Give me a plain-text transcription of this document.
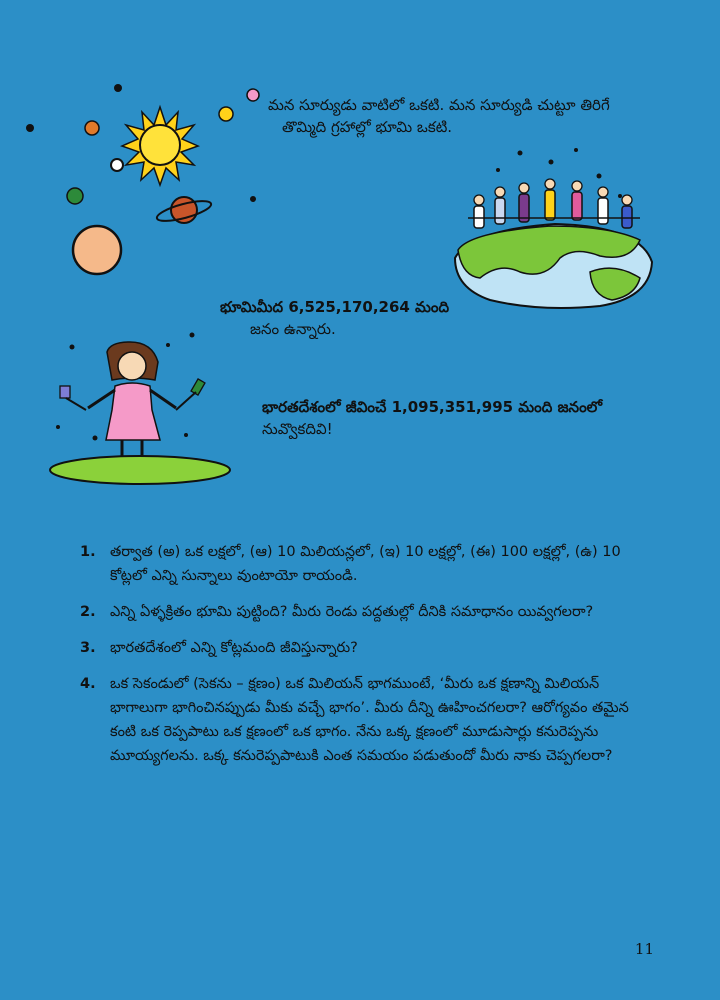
మన సూర్యుడు వాటిలో ఒకటి. మన సూర్యుడి చుట్టూ తిరిగే
తొమ్మిది గ్రహాల్లో భూమి ఒకటి.
భూమిమీద 6,525,170,264 మంది
జనం ఉన్నారు.
భారతదేశంలో జీవించే 1,095,351,995 మంది జనంలో
నువ్వొకదివి!
1. తర్వాత (అ) ఒక లక్షలో, (ఆ) 10 మిలియన్లలో, (ఇ) 10 లక్షల్లో, (ఈ) 100 లక్షల్లో, (ఉ) 10 కోట్లలో ఎన్ని సున్నాలు వుంటాయో రాయండి.
2. ఎన్ని ఏళ్ళక్రితం భూమి పుట్టింది? మీరు రెండు పద్దతుల్లో దీనికి సమాధానం యివ్వగలరా?
3. భారతదేశంలో ఎన్ని కోట్లమంది జీవిస్తున్నారు?
4. ఒక సెకండులో (సెకను – క్షణం) ఒక మిలియన్ భాగముంటే, ‘మీరు ఒక క్షణాన్ని మిలియన్ భాగాలుగా భాగించినప్పుడు మీకు వచ్చే భాగం’. మీరు దీన్ని ఊహించగలరా? ఆరోగ్యవం తమైన కంటి ఒక రెప్పపాటు ఒక క్షణంలో ఒక భాగం. నేను ఒక్క క్షణంలో మూడుసార్లు కనురెప్పను మూయ్యగలను. ఒక్క కనురెప్పపాటుకి ఎంత సమయం పడుతుందో మీరు నాకు చెప్పగలరా?
11
